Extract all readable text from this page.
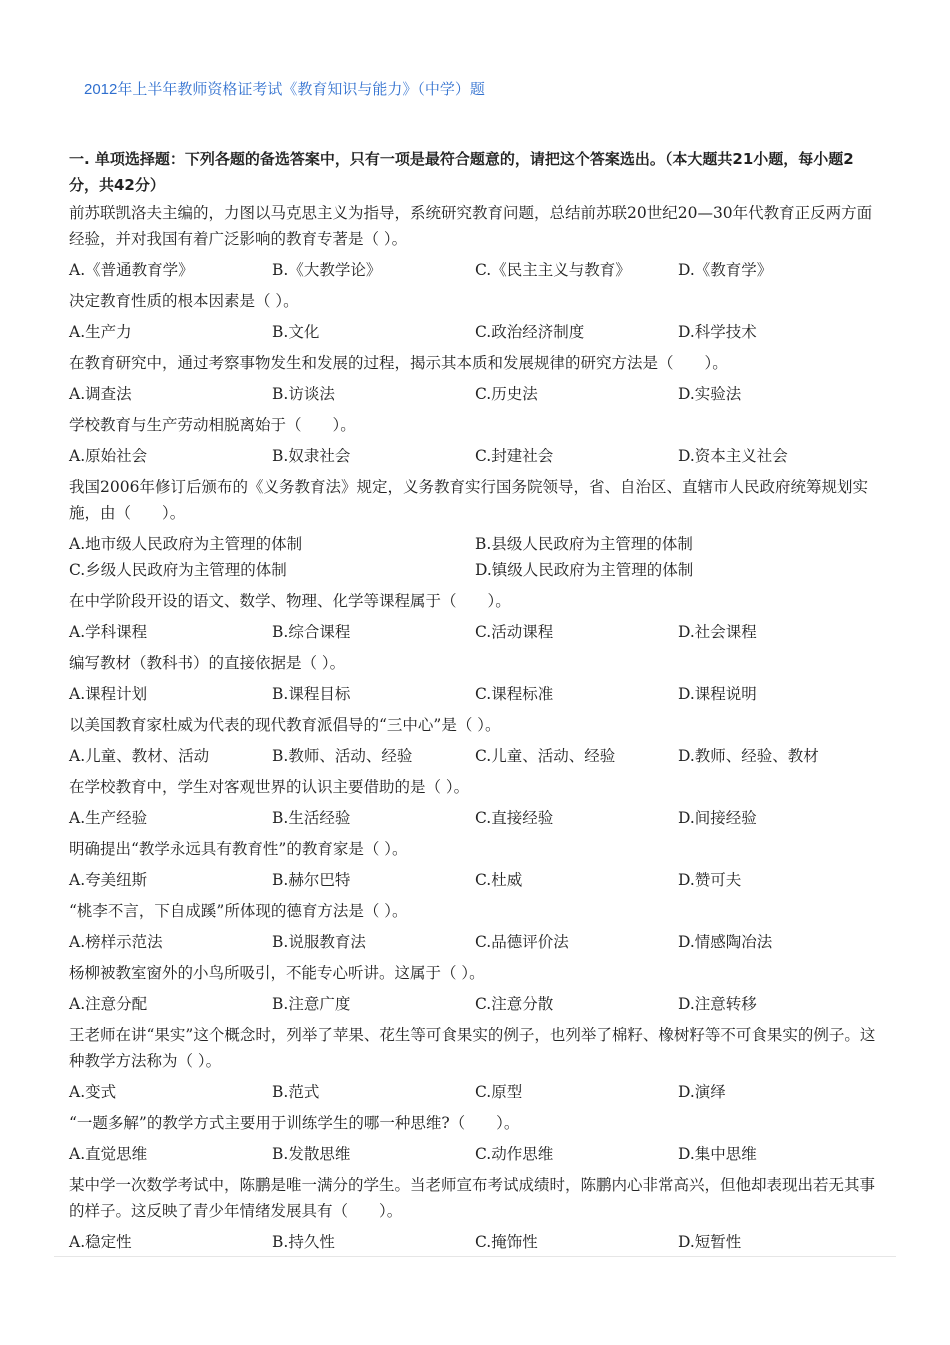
2012年上半年教师资格证考试《教育知识与能力》（中学）题
一. 单项选择题：下列各题的备选答案中，只有一项是最符合题意的，请把这个答案选出。（本大题共21小题，每小题2分，共42分）
前苏联凯洛夫主编的，力图以马克思主义为指导，系统研究教育问题，总结前苏联20世纪20—30年代教育正反两方面经验，并对我国有着广泛影响的教育专著是（ ）。
A.《普通教育学》	B.《大教学论》	C.《民主主义与教育》	D.《教育学》
决定教育性质的根本因素是（ ）。
A.生产力	B.文化	C.政治经济制度	D.科学技术
在教育研究中，通过考察事物发生和发展的过程，揭示其本质和发展规律的研究方法是（　　）。
A.调查法	B.访谈法	C.历史法	D.实验法
学校教育与生产劳动相脱离始于（　　）。
A.原始社会	B.奴隶社会	C.封建社会	D.资本主义社会
我国2006年修订后颁布的《义务教育法》规定，义务教育实行国务院领导，省、自治区、直辖市人民政府统筹规划实施，由（　　）。
A.地市级人民政府为主管理的体制	B.县级人民政府为主管理的体制
C.乡级人民政府为主管理的体制	D.镇级人民政府为主管理的体制
在中学阶段开设的语文、数学、物理、化学等课程属于（　　）。
A.学科课程	B.综合课程	C.活动课程	D.社会课程
编写教材（教科书）的直接依据是（ ）。
A.课程计划	B.课程目标	C.课程标准	D.课程说明
以美国教育家杜威为代表的现代教育派倡导的“三中心”是（ ）。
A.儿童、教材、活动	B.教师、活动、经验	C.儿童、活动、经验	D.教师、经验、教材
在学校教育中，学生对客观世界的认识主要借助的是（ ）。
A.生产经验	B.生活经验	C.直接经验	D.间接经验
明确提出“教学永远具有教育性”的教育家是（ ）。
A.夸美纽斯	B.赫尔巴特	C.杜威	D.赞可夫
“桃李不言，下自成蹊”所体现的德育方法是（ ）。
A.榜样示范法	B.说服教育法	C.品德评价法	D.情感陶冶法
杨柳被教室窗外的小鸟所吸引，不能专心听讲。这属于（ ）。
A.注意分配	B.注意广度	C.注意分散	D.注意转移
王老师在讲“果实”这个概念时，列举了苹果、花生等可食果实的例子，也列举了棉籽、橡树籽等不可食果实的例子。这种教学方法称为（ ）。
A.变式	B.范式	C.原型	D.演绎
“一题多解”的教学方式主要用于训练学生的哪一种思维?（　　）。
A.直觉思维	B.发散思维	C.动作思维	D.集中思维
某中学一次数学考试中，陈鹏是唯一满分的学生。当老师宣布考试成绩时，陈鹏内心非常高兴，但他却表现出若无其事的样子。这反映了青少年情绪发展具有（　　）。
A.稳定性	B.持久性	C.掩饰性	D.短暂性
